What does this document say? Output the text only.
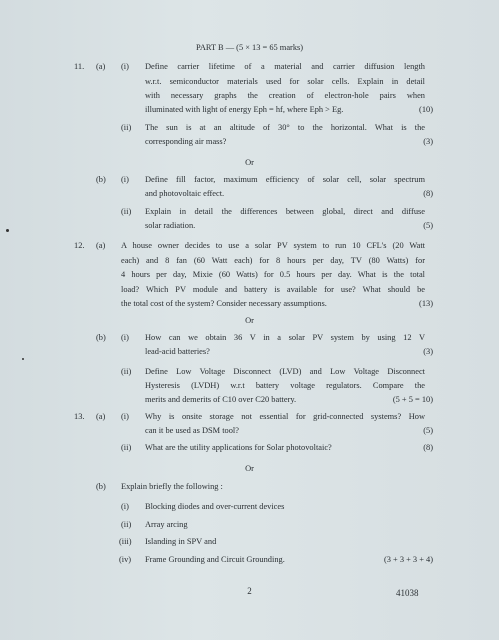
PART B — (5 × 13 = 65 marks)
11. (a) (i) Define carrier lifetime of a material and carrier diffusion length
w.r.t. semiconductor materials used for solar cells. Explain in detail
with necessary graphs the creation of electron-hole pairs when
illuminated with light of energy Eph = hf, where Eph > Eg.	(10)
(ii) The sun is at an altitude of 30° to the horizontal. What is the
corresponding air mass?	(3)
Or
(b) (i) Define fill factor, maximum efficiency of solar cell, solar spectrum
and photovoltaic effect.	(8)
(ii) Explain in detail the differences between global, direct and diffuse
solar radiation.	(5)
12. (a) A house owner decides to use a solar PV system to run 10 CFL's (20 Watt
each) and 8 fan (60 Watt each) for 8 hours per day, TV (80 Watts) for
4 hours per day, Mixie (60 Watts) for 0.5 hours per day. What is the total
load? Which PV module and battery is available for use? What should be
the total cost of the system? Consider necessary assumptions.	(13)
Or
(b) (i) How can we obtain 36 V in a solar PV system by using 12 V
lead-acid batteries?	(3)
(ii) Define Low Voltage Disconnect (LVD) and Low Voltage Disconnect
Hysteresis (LVDH) w.r.t battery voltage regulators. Compare the
merits and demerits of C10 over C20 battery.	(5 + 5 = 10)
13. (a) (i) Why is onsite storage not essential for grid-connected systems? How
can it be used as DSM tool?	(5)
(ii) What are the utility applications for Solar photovoltaic?	(8)
Or
(b) Explain briefly the following :
(i) Blocking diodes and over-current devices
(ii) Array arcing
(iii) Islanding in SPV and
(iv) Frame Grounding and Circuit Grounding.	(3 + 3 + 3 + 4)
2	41038
